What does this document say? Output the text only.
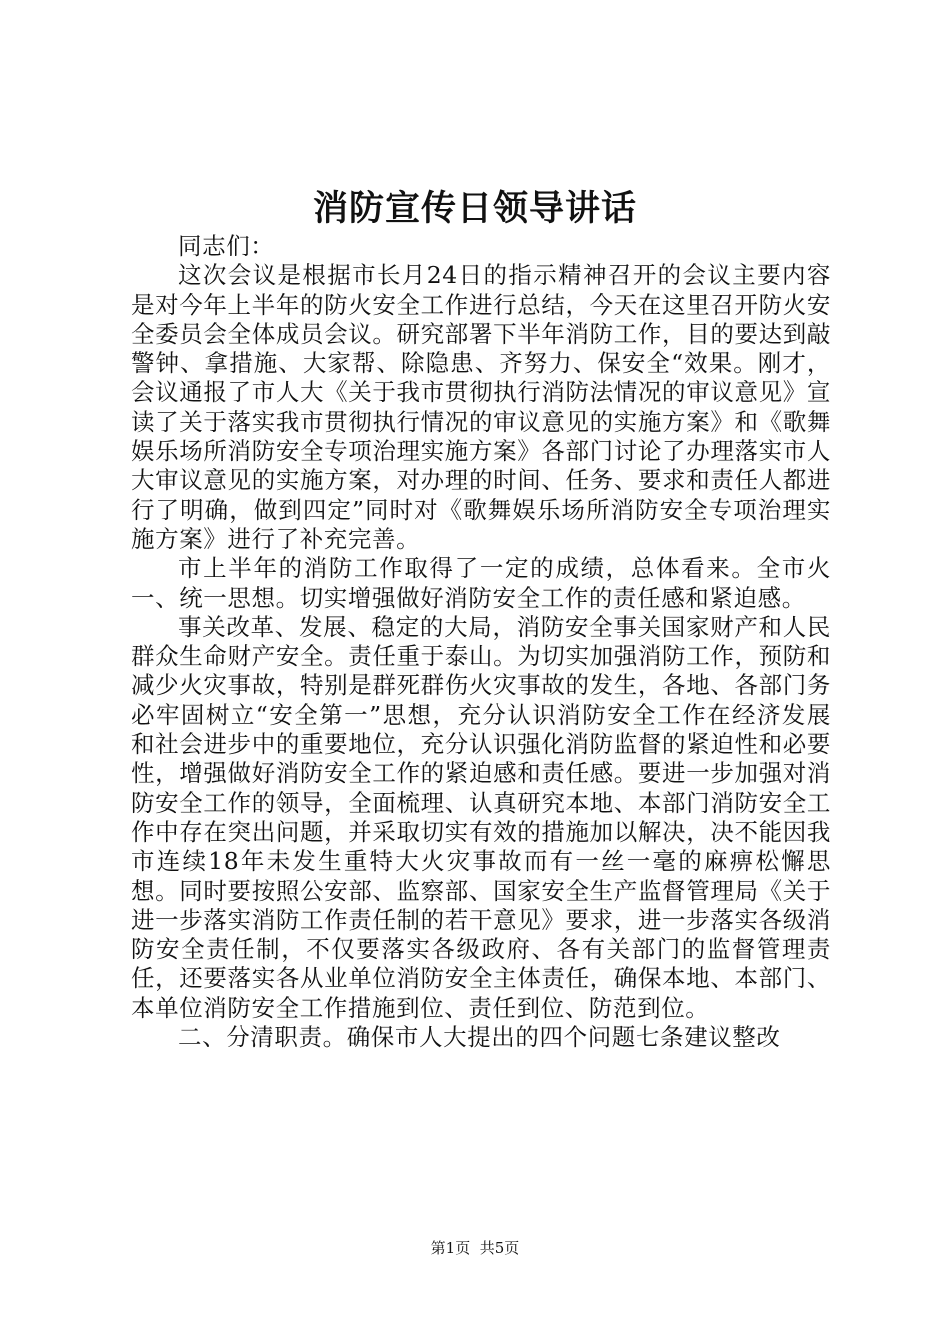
消防宣传日领导讲话

同志们：

这次会议是根据市长月24日的指示精神召开的会议主要内容是对今年上半年的防火安全工作进行总结，今天在这里召开防火安全委员会全体成员会议。研究部署下半年消防工作，目的要达到敲警钟、拿措施、大家帮、除隐患、齐努力、保安全“效果。刚才，会议通报了市人大《关于我市贯彻执行消防法情况的审议意见》宣读了关于落实我市贯彻执行情况的审议意见的实施方案》和《歌舞娱乐场所消防安全专项治理实施方案》各部门讨论了办理落实市人大审议意见的实施方案，对办理的时间、任务、要求和责任人都进行了明确，做到四定”同时对《歌舞娱乐场所消防安全专项治理实施方案》进行了补充完善。

市上半年的消防工作取得了一定的成绩，总体看来。全市火一、统一思想。切实增强做好消防安全工作的责任感和紧迫感。

事关改革、发展、稳定的大局，消防安全事关国家财产和人民群众生命财产安全。责任重于泰山。为切实加强消防工作，预防和减少火灾事故，特别是群死群伤火灾事故的发生，各地、各部门务必牢固树立“安全第一”思想，充分认识消防安全工作在经济发展和社会进步中的重要地位，充分认识强化消防监督的紧迫性和必要性，增强做好消防安全工作的紧迫感和责任感。要进一步加强对消防安全工作的领导，全面梳理、认真研究本地、本部门消防安全工作中存在突出问题，并采取切实有效的措施加以解决，决不能因我市连续18年未发生重特大火灾事故而有一丝一毫的麻痹松懈思想。同时要按照公安部、监察部、国家安全生产监督管理局《关于进一步落实消防工作责任制的若干意见》要求，进一步落实各级消防安全责任制，不仅要落实各级政府、各有关部门的监督管理责任，还要落实各从业单位消防安全主体责任，确保本地、本部门、本单位消防安全工作措施到位、责任到位、防范到位。

二、分清职责。确保市人大提出的四个问题七条建议整改

第1页 共5页
